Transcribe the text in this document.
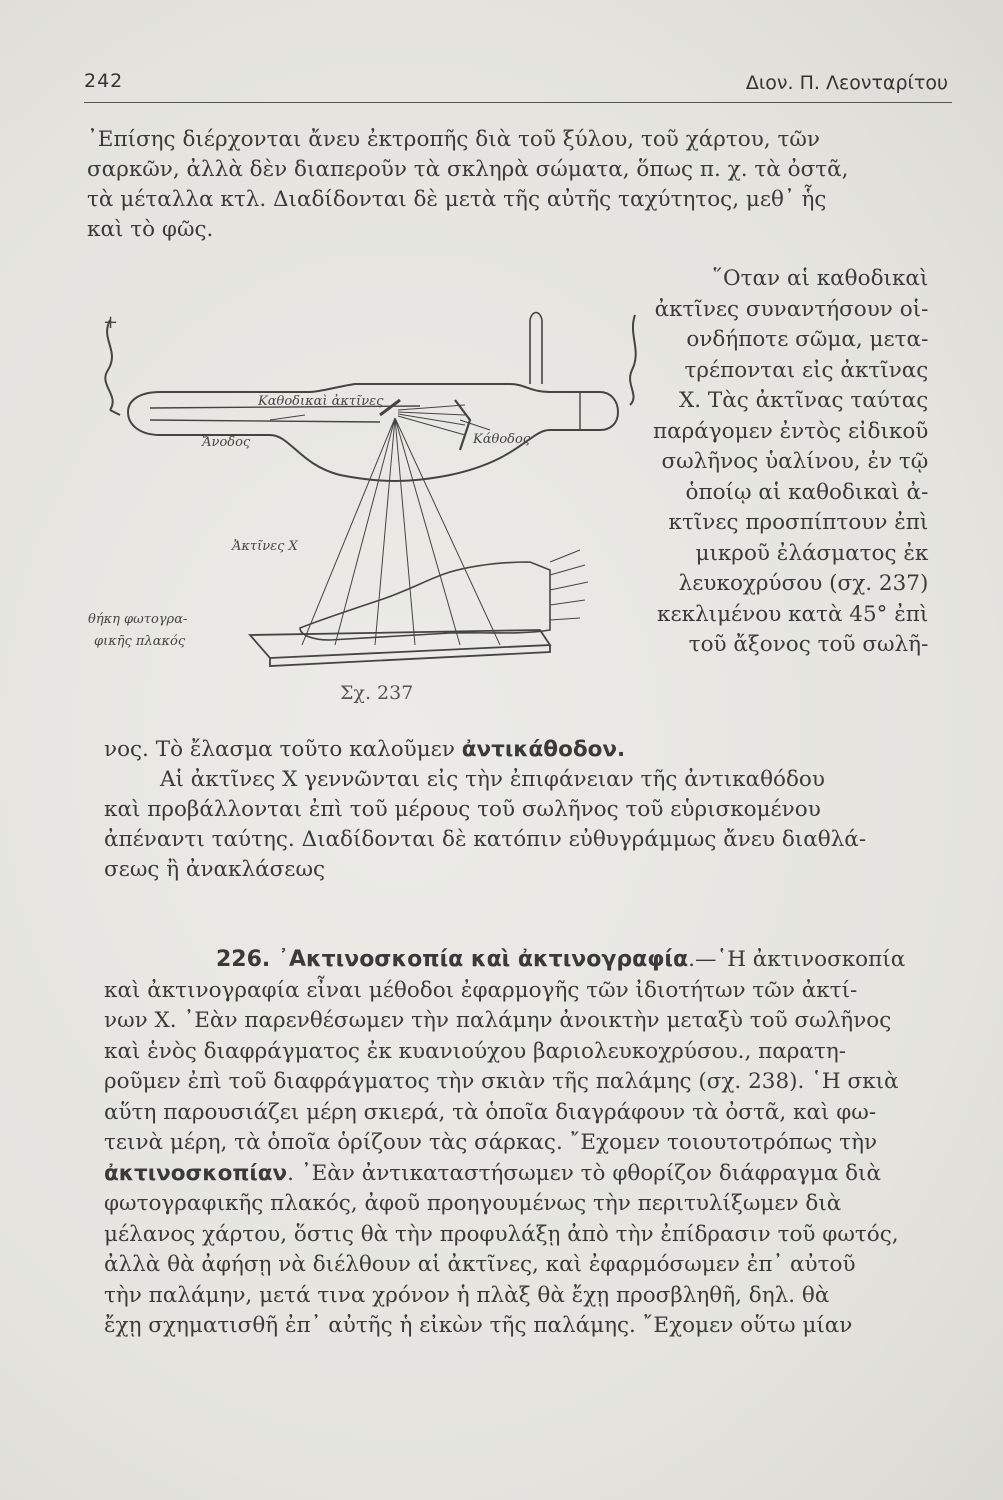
242	Διον. Π. Λεονταρίτου
᾿Επίσης διέρχονται ἄνευ ἐκτροπῆς διὰ τοῦ ξύλου, τοῦ χάρτου, τῶν
σαρκῶν, ἀλλὰ δὲν διαπεροῦν τὰ σκληρὰ σώματα, ὅπως π. χ. τὰ ὀστᾶ,
τὰ μέταλλα κτλ. Διαδίδονται δὲ μετὰ τῆς αὐτῆς ταχύτητος, μεθ᾿ ἧς
καὶ τὸ φῶς.
+
Καθοδικαὶ ἀκτῖνες
Ἄνοδος	Κάθοδος
Ἀκτῖνες Χ
θήκη φωτογρα-
φικῆς πλακός
Σχ. 237
῞Οταν αἱ καθοδικαὶ
ἀκτῖνες συναντήσουν οἱ-
ονδήποτε σῶμα, μετα-
τρέπονται εἰς ἀκτῖνας
Χ. Τὰς ἀκτῖνας ταύτας
παράγομεν ἐντὸς εἰδικοῦ
σωλῆνος ὑαλίνου, ἐν τῷ
ὁποίῳ αἱ καθοδικαὶ ἀ-
κτῖνες προσπίπτουν ἐπὶ
μικροῦ ἐλάσματος ἐκ
λευκοχρύσου (σχ. 237)
κεκλιμένου κατὰ 45° ἐπὶ
τοῦ ἄξονος τοῦ σωλῆ-
νος. Τὸ ἔλασμα τοῦτο καλοῦμεν ἀντικάθοδον.
Αἱ ἀκτῖνες Χ γεννῶνται εἰς τὴν ἐπιφάνειαν τῆς ἀντικαθόδου
καὶ προβάλλονται ἐπὶ τοῦ μέρους τοῦ σωλῆνος τοῦ εὑρισκομένου
ἀπέναντι ταύτης. Διαδίδονται δὲ κατόπιν εὐθυγράμμως ἄνευ διαθλά-
σεως ἢ ἀνακλάσεως
226. ᾿Ακτινοσκοπία καὶ ἀκτινογραφία.—῾Η ἀκτινοσκοπία
καὶ ἀκτινογραφία εἶναι μέθοδοι ἐφαρμογῆς τῶν ἰδιοτήτων τῶν ἀκτί-
νων Χ. ᾿Εὰν παρενθέσωμεν τὴν παλάμην ἀνοικτὴν μεταξὺ τοῦ σωλῆνος
καὶ ἑνὸς διαφράγματος ἐκ κυανιούχου βαριολευκοχρύσου., παρατη-
ροῦμεν ἐπὶ τοῦ διαφράγματος τὴν σκιὰν τῆς παλάμης (σχ. 238). ῾Η σκιὰ
αὕτη παρουσιάζει μέρη σκιερά, τὰ ὁποῖα διαγράφουν τὰ ὀστᾶ, καὶ φω-
τεινὰ μέρη, τὰ ὁποῖα ὁρίζουν τὰς σάρκας. ῎Εχομεν τοιουτοτρόπως τὴν
ἀκτινοσκοπίαν. ᾿Εὰν ἀντικαταστήσωμεν τὸ φθορίζον διάφραγμα διὰ
φωτογραφικῆς πλακός, ἀφοῦ προηγουμένως τὴν περιτυλίξωμεν διὰ
μέλανος χάρτου, ὅστις θὰ τὴν προφυλάξῃ ἀπὸ τὴν ἐπίδρασιν τοῦ φωτός,
ἀλλὰ θὰ ἀφήσῃ νὰ διέλθουν αἱ ἀκτῖνες, καὶ ἐφαρμόσωμεν ἐπ᾿ αὐτοῦ
τὴν παλάμην, μετά τινα χρόνον ἡ πλὰξ θὰ ἔχῃ προσβληθῆ, δηλ. θὰ
ἔχῃ σχηματισθῆ ἐπ᾿ αὐτῆς ἡ εἰκὼν τῆς παλάμης. ῎Εχομεν οὕτω μίαν
